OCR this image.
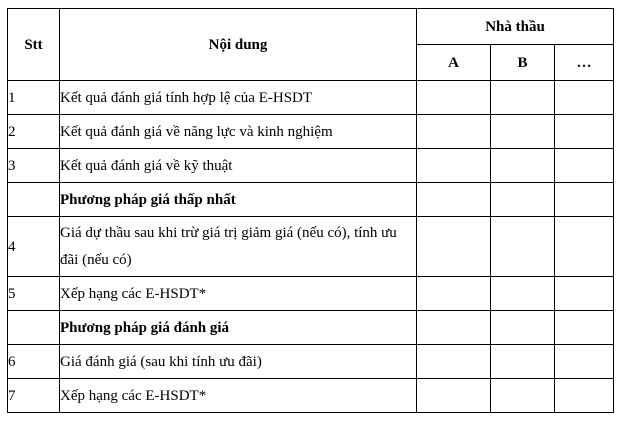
Stt	Nội dung	Nhà thầu		
		A	B	…
1	Kết quả đánh giá tính hợp lệ của E-HSDT			
2	Kết quả đánh giá về năng lực và kinh nghiệm			
3	Kết quả đánh giá về kỹ thuật			
	Phương pháp giá thấp nhất			
4	Giá dự thầu sau khi trừ giá trị giảm giá (nếu có), tính ưu đãi (nếu có)			
5	Xếp hạng các E-HSDT*			
	Phương pháp giá đánh giá			
6	Giá đánh giá (sau khi tính ưu đãi)			
7	Xếp hạng các E-HSDT*			
